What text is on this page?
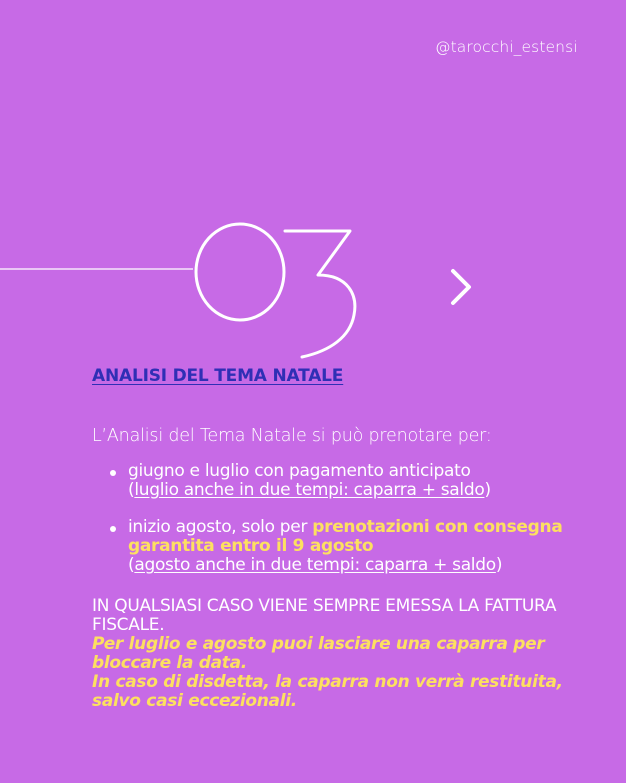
@tarocchi_estensi
ANALISI DEL TEMA NATALE
L’Analisi del Tema Natale si può prenotare per:
giugno e luglio con pagamento anticipato
(luglio anche in due tempi: caparra + saldo)
inizio agosto, solo per prenotazioni con consegna garantita entro il 9 agosto
(agosto anche in due tempi: caparra + saldo)
IN QUALSIASI CASO VIENE SEMPRE EMESSA LA FATTURA FISCALE.
Per luglio e agosto puoi lasciare una caparra per bloccare la data.
In caso di disdetta, la caparra non verrà restituita, salvo casi eccezionali.
